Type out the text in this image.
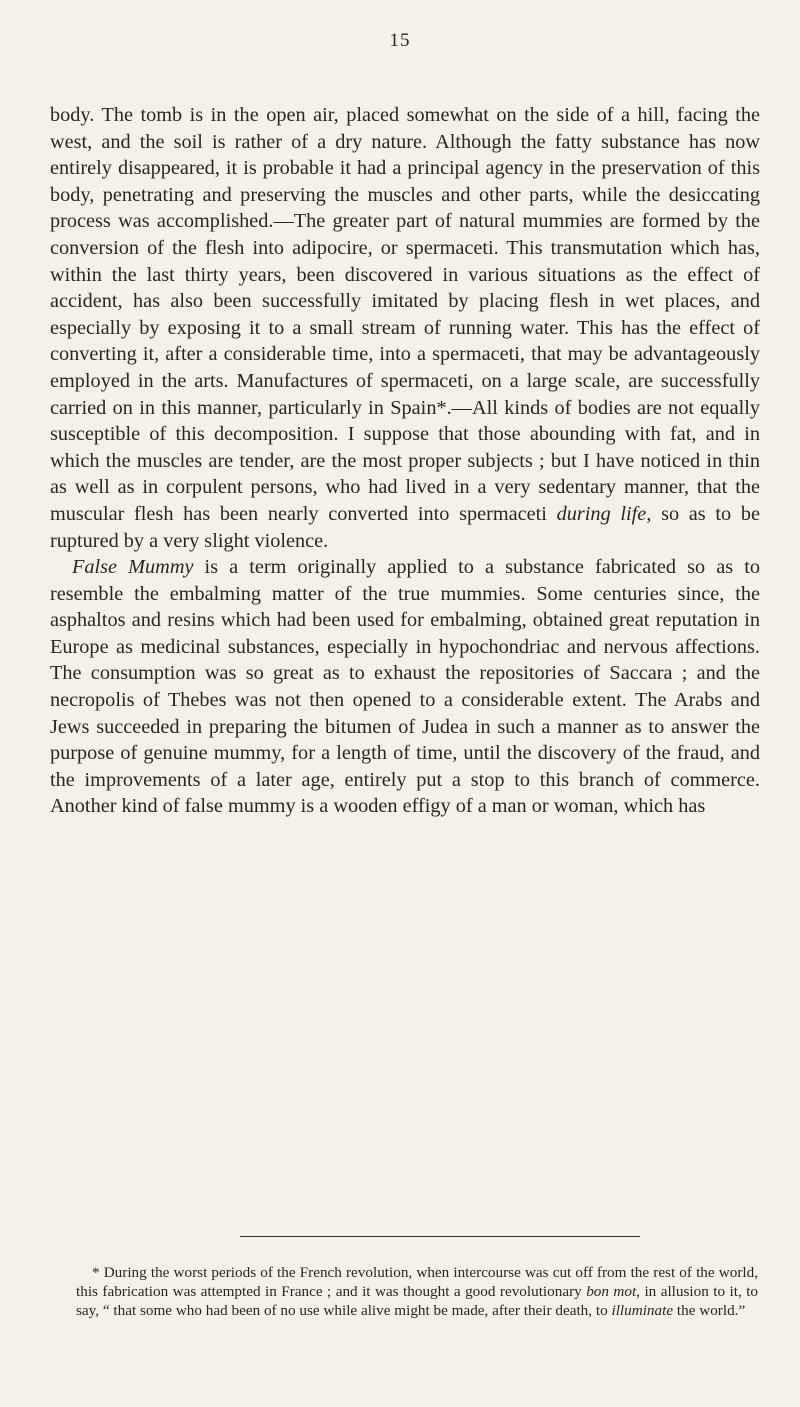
15

body. The tomb is in the open air, placed somewhat on the side of a hill, facing the west, and the soil is rather of a dry nature. Although the fatty substance has now entirely disappeared, it is probable it had a principal agency in the preservation of this body, penetrating and preserving the muscles and other parts, while the desiccating process was accomplished.—The greater part of natural mummies are formed by the conversion of the flesh into adipocire, or spermaceti. This transmutation which has, within the last thirty years, been discovered in various situations as the effect of accident, has also been successfully imitated by placing flesh in wet places, and especially by exposing it to a small stream of running water. This has the effect of converting it, after a considerable time, into a spermaceti, that may be advantageously employed in the arts. Manufactures of spermaceti, on a large scale, are successfully carried on in this manner, particularly in Spain*.—All kinds of bodies are not equally susceptible of this decomposition. I suppose that those abounding with fat, and in which the muscles are tender, are the most proper subjects ; but I have noticed in thin as well as in corpulent persons, who had lived in a very sedentary manner, that the muscular flesh has been nearly converted into spermaceti during life, so as to be ruptured by a very slight violence.

False Mummy is a term originally applied to a substance fabricated so as to resemble the embalming matter of the true mummies. Some centuries since, the asphaltos and resins which had been used for embalming, obtained great reputation in Europe as medicinal substances, especially in hypochondriac and nervous affections. The consumption was so great as to exhaust the repositories of Saccara ; and the necropolis of Thebes was not then opened to a considerable extent. The Arabs and Jews succeeded in preparing the bitumen of Judea in such a manner as to answer the purpose of genuine mummy, for a length of time, until the discovery of the fraud, and the improvements of a later age, entirely put a stop to this branch of commerce. Another kind of false mummy is a wooden effigy of a man or woman, which has

* During the worst periods of the French revolution, when intercourse was cut off from the rest of the world, this fabrication was attempted in France ; and it was thought a good revolutionary bon mot, in allusion to it, to say, “ that some who had been of no use while alive might be made, after their death, to illuminate the world.”
